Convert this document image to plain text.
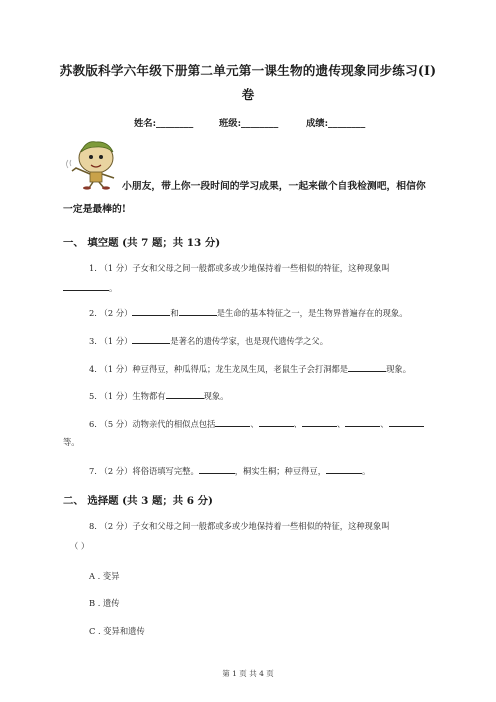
苏教版科学六年级下册第二单元第一课生物的遗传现象同步练习(I)
卷
姓名:________	班级:________	成绩:________
小朋友，带上你一段时间的学习成果，一起来做个自我检测吧，相信你
一定是最棒的!
一、 填空题 (共 7 题；共 13 分)
1. （1 分）子女和父母之间一般都或多或少地保持着一些相似的特征，这种现象叫
。
2. （2 分）	和	是生命的基本特征之一，是生物界普遍存在的现象。
3. （1 分）	是著名的遗传学家，也是现代遗传学之父。
4. （1 分）种豆得豆，种瓜得瓜；龙生龙凤生凤，老鼠生子会打洞都是	现象。
5. （1 分）生物都有	现象。
6. （5 分）动物亲代的相似点包括	、	、	、	、
等。
7. （2 分）将俗语填写完整。	，桐实生桐；种豆得豆，	。
二、 选择题 (共 3 题；共 6 分)
8. （2 分）子女和父母之间一般都或多或少地保持着一些相似的特征，这种现象叫
（ ）
A . 变异
B . 遗传
C . 变异和遗传
第 1 页 共 4 页
